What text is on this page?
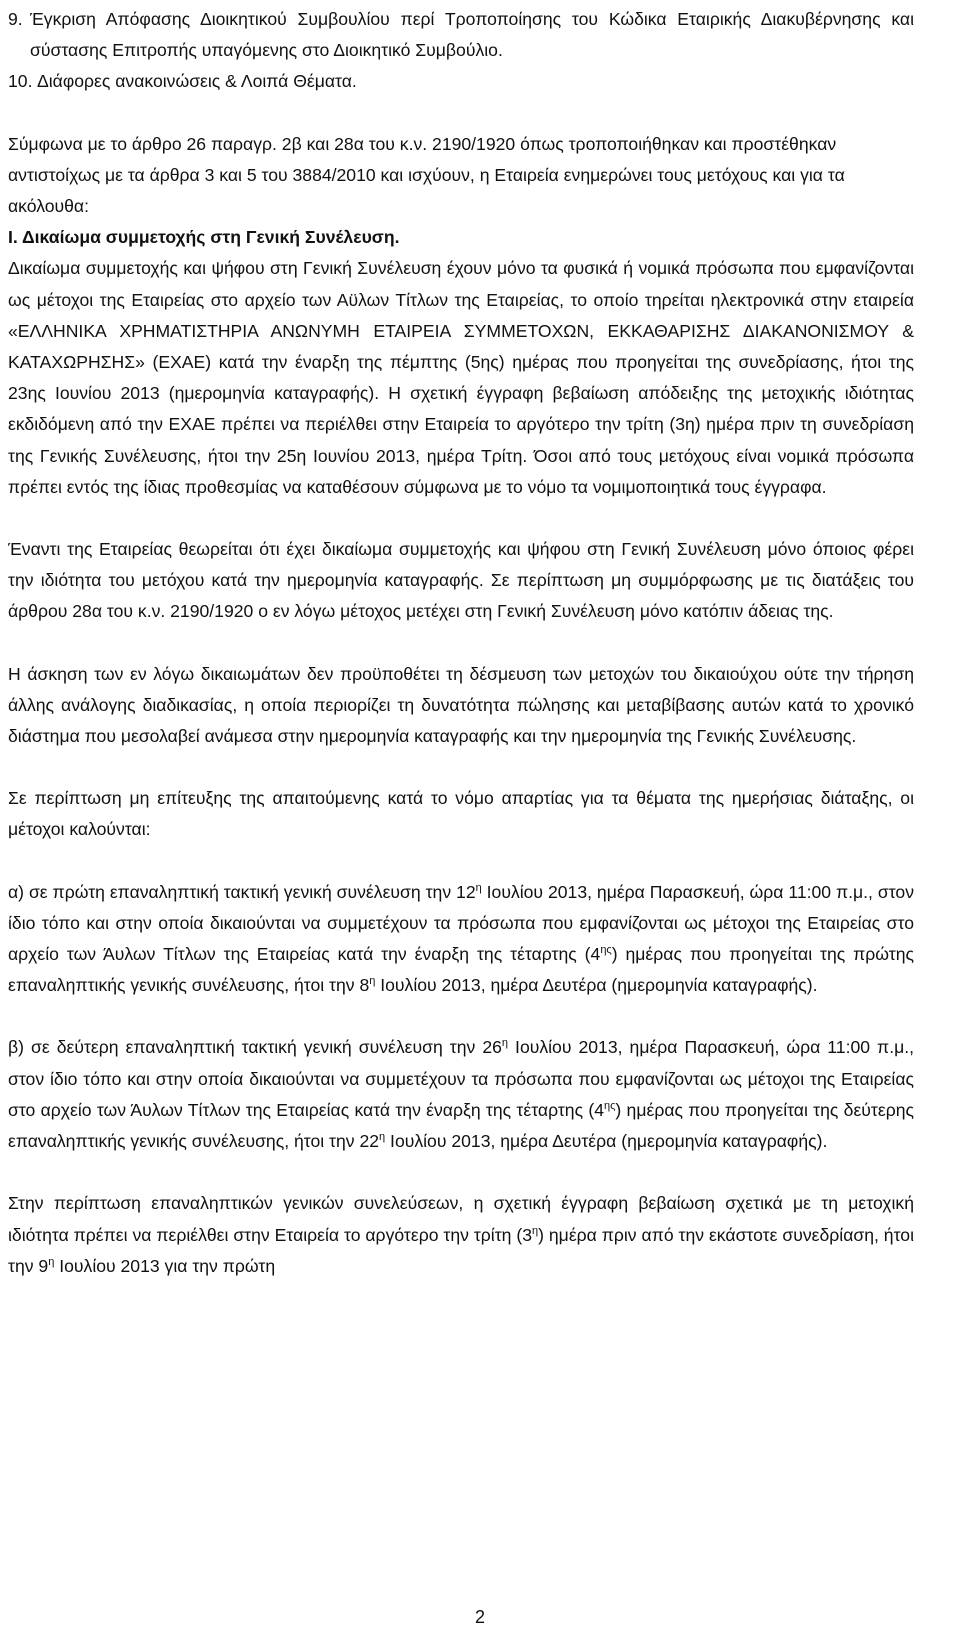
9. Έγκριση Απόφασης Διοικητικού Συμβουλίου περί Τροποποίησης του Κώδικα Εταιρικής Διακυβέρνησης και σύστασης Επιτροπής υπαγόμενης στο Διοικητικό Συμβούλιο.
10. Διάφορες ανακοινώσεις & Λοιπά Θέματα.

Σύμφωνα με το άρθρο 26 παραγρ. 2β και 28α του κ.ν. 2190/1920 όπως τροποποιήθηκαν και προστέθηκαν αντιστοίχως με τα άρθρα 3 και 5 του 3884/2010 και ισχύουν, η Εταιρεία ενημερώνει τους μετόχους και για τα ακόλουθα:

Ι. Δικαίωμα συμμετοχής στη Γενική Συνέλευση.

Δικαίωμα συμμετοχής και ψήφου στη Γενική Συνέλευση έχουν μόνο τα φυσικά ή νομικά πρόσωπα που εμφανίζονται ως μέτοχοι της Εταιρείας στο αρχείο των Αϋλων Τίτλων της Εταιρείας, το οποίο τηρείται ηλεκτρονικά στην εταιρεία «ΕΛΛΗΝΙΚΑ ΧΡΗΜΑΤΙΣΤΗΡΙΑ ΑΝΩΝΥΜΗ ΕΤΑΙΡΕΙΑ ΣΥΜΜΕΤΟΧΩΝ, ΕΚΚΑΘΑΡΙΣΗΣ ΔΙΑΚΑΝΟΝΙΣΜΟΥ & ΚΑΤΑΧΩΡΗΣΗΣ» (ΕΧΑΕ) κατά την έναρξη της πέμπτης (5ης) ημέρας που προηγείται της συνεδρίασης, ήτοι της 23ης Ιουνίου 2013 (ημερομηνία καταγραφής). Η σχετική έγγραφη βεβαίωση απόδειξης της μετοχικής ιδιότητας εκδιδόμενη από την ΕΧΑΕ πρέπει να περιέλθει στην Εταιρεία το αργότερο την τρίτη (3η) ημέρα πριν τη συνεδρίαση της Γενικής Συνέλευσης, ήτοι την 25η Ιουνίου 2013, ημέρα Τρίτη. Όσοι από τους μετόχους είναι νομικά πρόσωπα πρέπει εντός της ίδιας προθεσμίας να καταθέσουν σύμφωνα με το νόμο τα νομιμοποιητικά τους έγγραφα.

Έναντι της Εταιρείας θεωρείται ότι έχει δικαίωμα συμμετοχής και ψήφου στη Γενική Συνέλευση μόνο όποιος φέρει την ιδιότητα του μετόχου κατά την ημερομηνία καταγραφής. Σε περίπτωση μη συμμόρφωσης με τις διατάξεις του άρθρου 28α του κ.ν. 2190/1920 ο εν λόγω μέτοχος μετέχει στη Γενική Συνέλευση μόνο κατόπιν άδειας της.

Η άσκηση των εν λόγω δικαιωμάτων δεν προϋποθέτει τη δέσμευση των μετοχών του δικαιούχου ούτε την τήρηση άλλης ανάλογης διαδικασίας, η οποία περιορίζει τη δυνατότητα πώλησης και μεταβίβασης αυτών κατά το χρονικό διάστημα που μεσολαβεί ανάμεσα στην ημερομηνία καταγραφής και την ημερομηνία της Γενικής Συνέλευσης.

Σε περίπτωση μη επίτευξης της απαιτούμενης κατά το νόμο απαρτίας για τα θέματα της ημερήσιας διάταξης, οι μέτοχοι καλούνται:

α) σε πρώτη επαναληπτική τακτική γενική συνέλευση την $12^\eta$ Ιουλίου 2013, ημέρα Παρασκευή, ώρα 11:00 π.μ., στον ίδιο τόπο και στην οποία δικαιούνται να συμμετέχουν τα πρόσωπα που εμφανίζονται ως μέτοχοι της Εταιρείας στο αρχείο των Άυλων Τίτλων της Εταιρείας κατά την έναρξη της τέταρτης $(4^{\eta\varsigma})$ ημέρας που προηγείται της πρώτης επαναληπτικής γενικής συνέλευσης, ήτοι την $8^\eta$ Ιουλίου 2013, ημέρα Δευτέρα (ημερομηνία καταγραφής).

β) σε δεύτερη επαναληπτική τακτική γενική συνέλευση την $26^\eta$ Ιουλίου 2013, ημέρα Παρασκευή, ώρα 11:00 π.μ., στον ίδιο τόπο και στην οποία δικαιούνται να συμμετέχουν τα πρόσωπα που εμφανίζονται ως μέτοχοι της Εταιρείας στο αρχείο των Άυλων Τίτλων της Εταιρείας κατά την έναρξη της τέταρτης $(4^{\eta\varsigma})$ ημέρας που προηγείται της δεύτερης επαναληπτικής γενικής συνέλευσης, ήτοι την $22^\eta$ Ιουλίου 2013, ημέρα Δευτέρα (ημερομηνία καταγραφής).

Στην περίπτωση επαναληπτικών γενικών συνελεύσεων, η σχετική έγγραφη βεβαίωση σχετικά με τη μετοχική ιδιότητα πρέπει να περιέλθει στην Εταιρεία το αργότερο την τρίτη $(3^\eta)$ ημέρα πριν από την εκάστοτε συνεδρίαση, ήτοι την $9^\eta$ Ιουλίου 2013 για την πρώτη

2
